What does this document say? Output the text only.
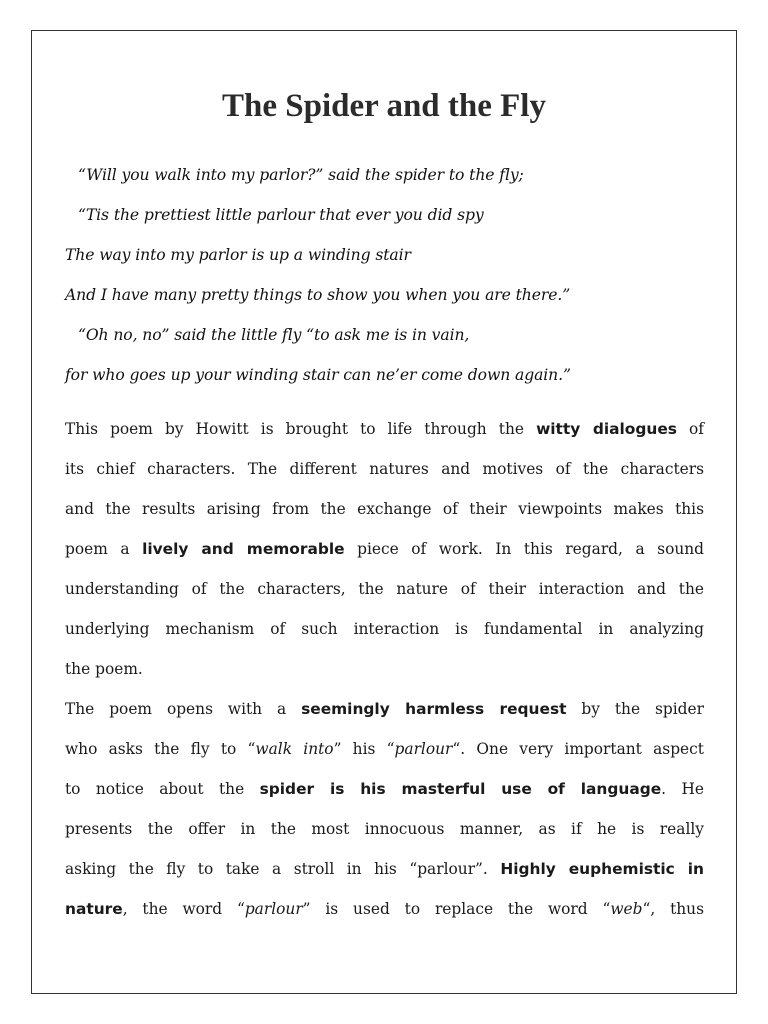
The Spider and the Fly
“Will you walk into my parlor?” said the spider to the fly;
“Tis the prettiest little parlour that ever you did spy
The way into my parlor is up a winding stair
And I have many pretty things to show you when you are there.”
“Oh no, no” said the little fly “to ask me is in vain,
for who goes up your winding stair can ne’er come down again.”
This poem by Howitt is brought to life through the witty dialogues of
its chief characters. The different natures and motives of the characters
and the results arising from the exchange of their viewpoints makes this
poem a lively and memorable piece of work. In this regard, a sound
understanding of the characters, the nature of their interaction and the
underlying mechanism of such interaction is fundamental in analyzing
the poem.
The poem opens with a seemingly harmless request by the spider
who asks the fly to “walk into” his “parlour“. One very important aspect
to notice about the spider is his masterful use of language. He
presents the offer in the most innocuous manner, as if he is really
asking the fly to take a stroll in his “parlour”. Highly euphemistic in
nature, the word “parlour” is used to replace the word “web“, thus
